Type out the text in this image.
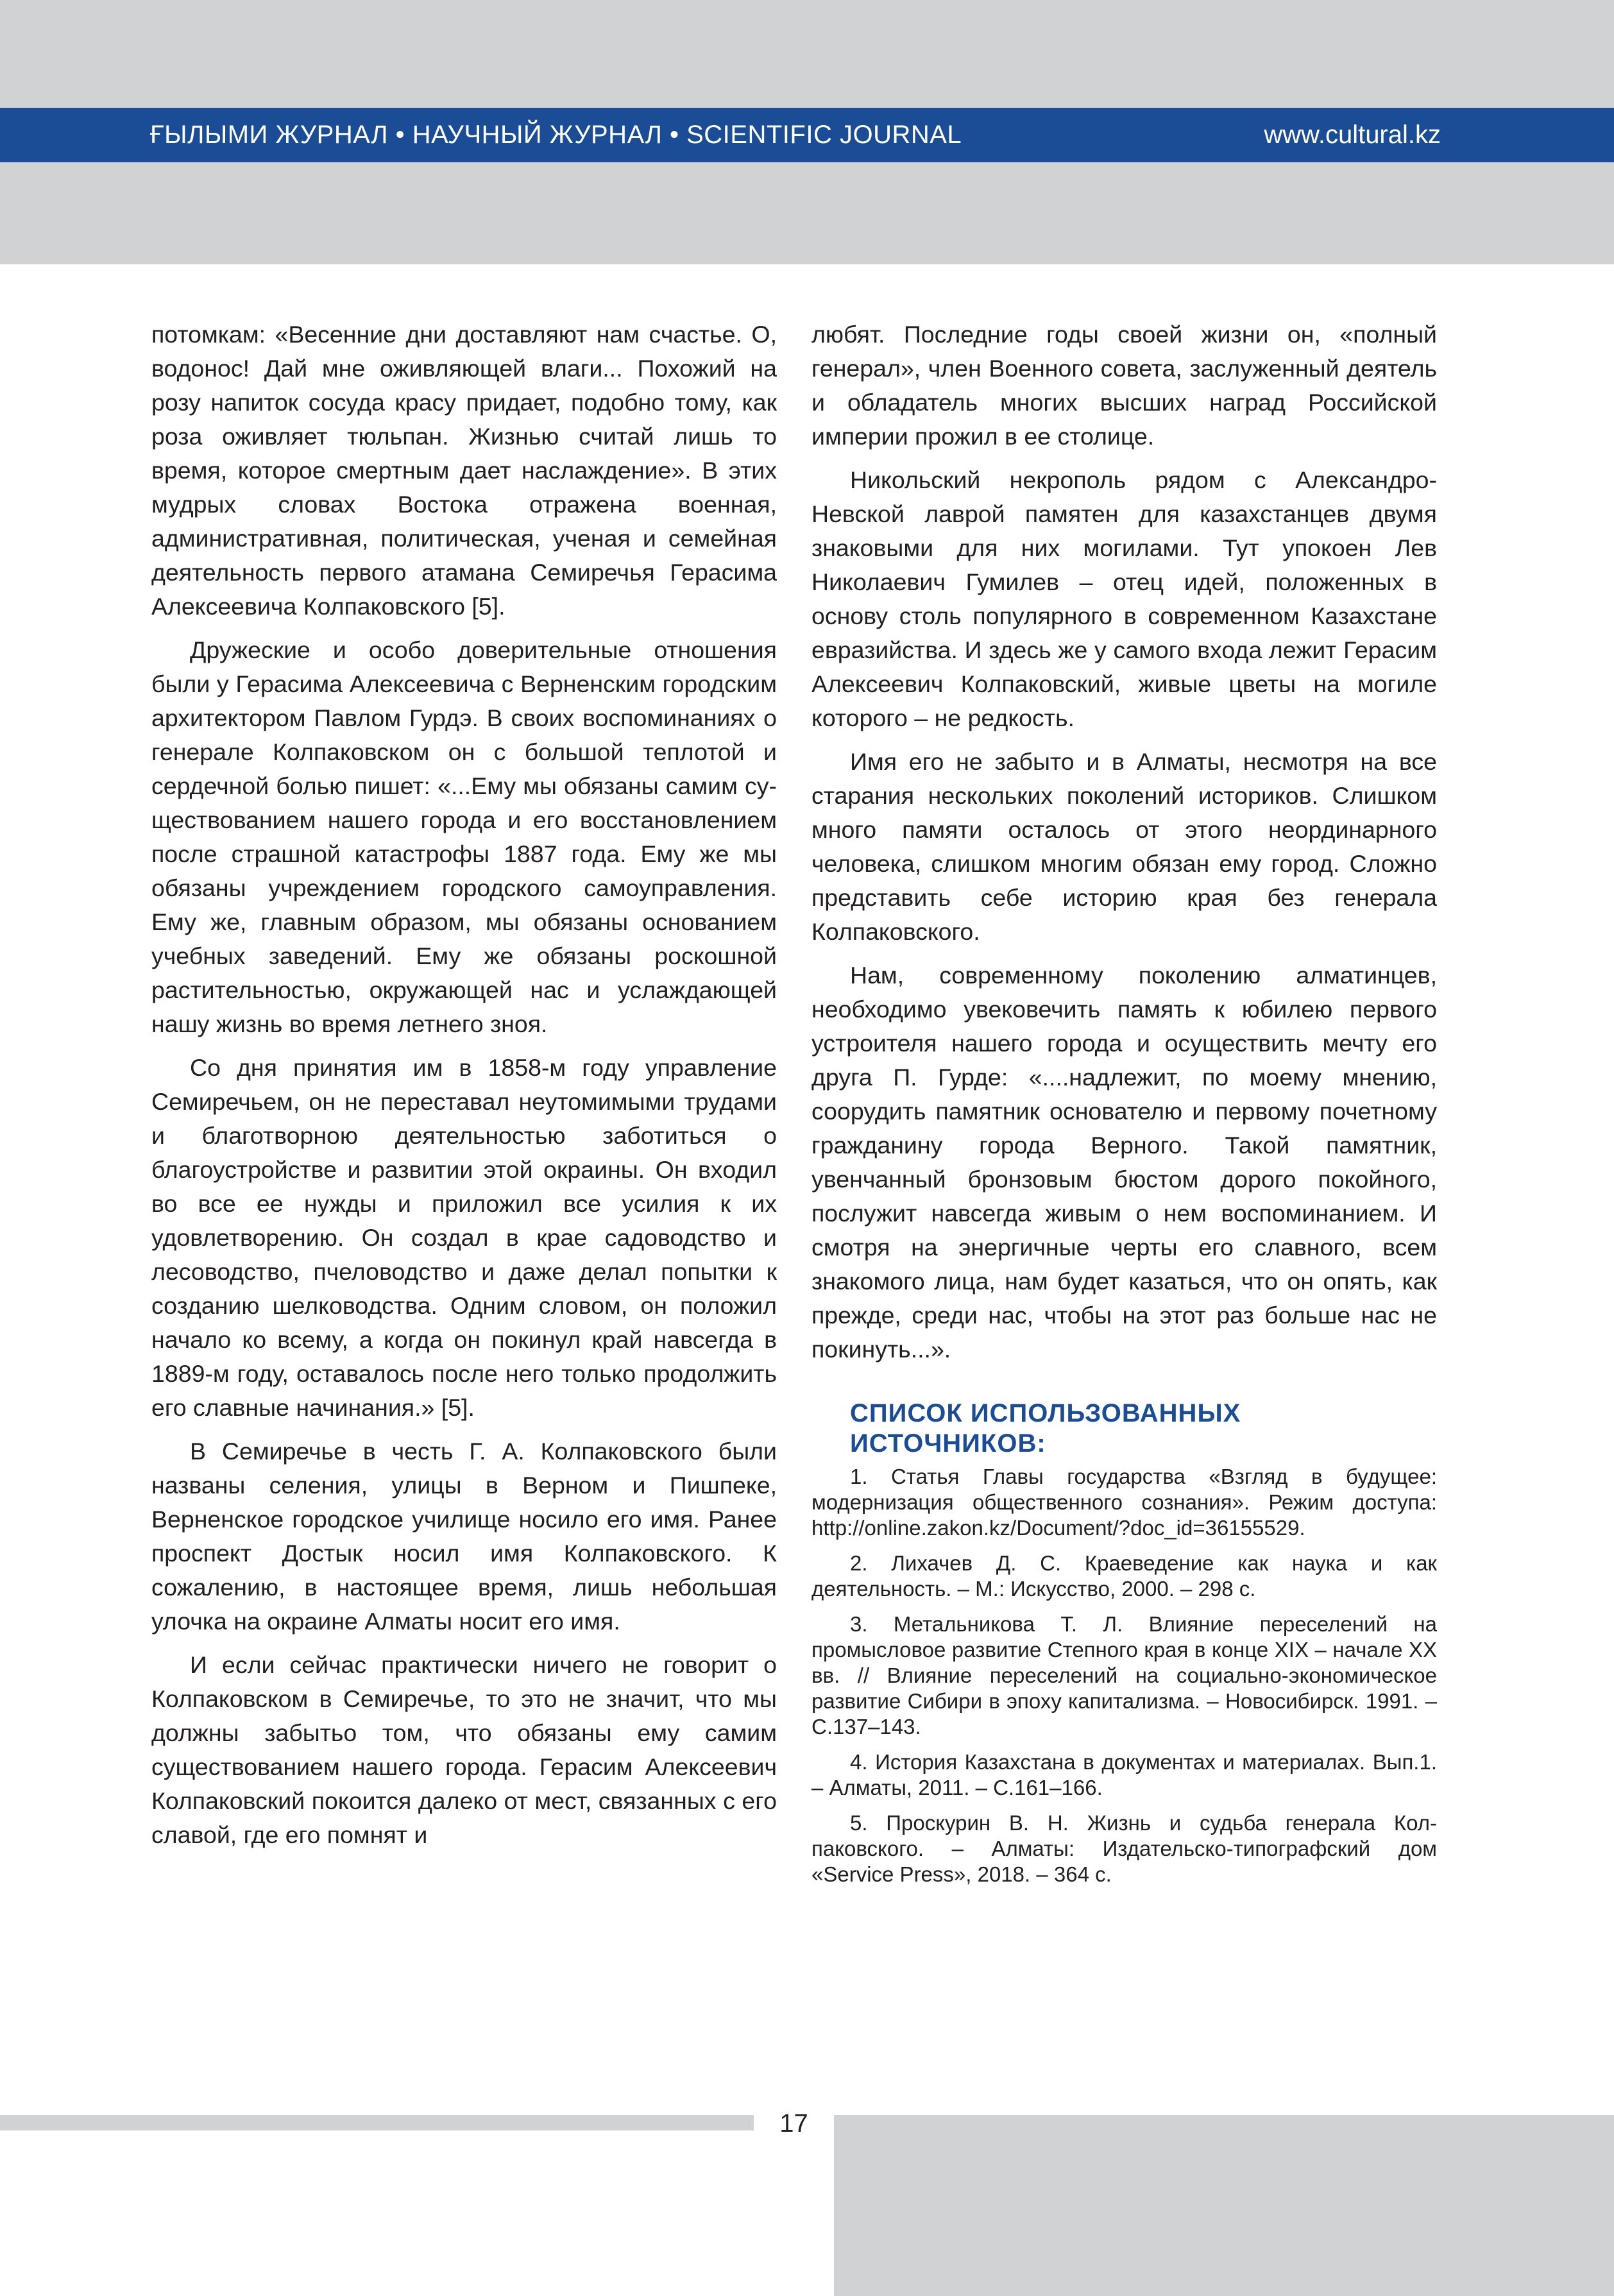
ҒЫЛЫМИ ЖУРНАЛ • НАУЧНЫЙ ЖУРНАЛ • SCIENTIFIC JOURNAL	www.cultural.kz

потомкам: «Весенние дни доставляют нам счастье. О, водонос! Дай мне оживляющей влаги... Похожий на розу напиток сосуда красу придает, подобно тому, как роза оживляет тюльпан. Жизнью считай лишь то время, которое смертным дает наслаждение». В этих мудрых словах Востока отражена военная, административная, политическая, ученая и семейная деятельность первого атамана Семиречья Герасима Алексеевича Колпаковского [5].

Дружеские и особо доверительные отношения были у Герасима Алексеевича с Верненским городским архитектором Павлом Гурдэ. В своих воспоминаниях о генерале Колпаковском он с большой теплотой и сердечной болью пишет: «...Ему мы обязаны самим существованием нашего города и его восстановлением после страшной катастрофы 1887 года. Ему же мы обязаны учреждением городского самоуправления. Ему же, главным образом, мы обязаны основанием учебных заведений. Ему же обязаны роскошной растительностью, окружающей нас и услаждающей нашу жизнь во время летнего зноя.

Со дня принятия им в 1858-м году управление Семиречьем, он не переставал неутомимыми трудами и благотворною деятельностью заботиться о благоустройстве и развитии этой окраины. Он входил во все ее нужды и приложил все усилия к их удовлетворению. Он создал в крае садоводство и лесоводство, пчеловодство и даже делал попытки к созданию шелководства. Одним словом, он положил начало ко всему, а когда он покинул край навсегда в 1889-м году, оставалось после него только продолжить его славные начинания.» [5].

В Семиречье в честь Г. А. Колпаковского были названы селения, улицы в Верном и Пишпеке, Верненское городское училище носило его имя. Ранее проспект Достык носил имя Колпаковского. К сожалению, в настоящее время, лишь небольшая улочка на окраине Алматы носит его имя.

И если сейчас практически ничего не говорит о Колпаковском в Семиречье, то это не значит, что мы должны забытьо том, что обязаны ему самим существованием нашего города. Герасим Алексеевич Колпаковский покоится далеко от мест, связанных с его славой, где его помнят и

любят. Последние годы своей жизни он, «полный генерал», член Военного совета, заслуженный деятель и обладатель многих высших наград Российской империи прожил в ее столице.

Никольский некрополь рядом с Александро-Невской лаврой памятен для казахстанцев двумя знаковыми для них могилами. Тут упокоен Лев Николаевич Гумилев – отец идей, положенных в основу столь популярного в современном Казахстане евразийства. И здесь же у самого входа лежит Герасим Алексеевич Колпаковский, живые цветы на могиле которого – не редкость.

Имя его не забыто и в Алматы, несмотря на все старания нескольких поколений историков. Слишком много памяти осталось от этого неординарного человека, слишком многим обязан ему город. Сложно представить себе историю края без генерала Колпаковского.

Нам, современному поколению алматинцев, необходимо увековечить память к юбилею первого устроителя нашего города и осуществить мечту его друга П. Гурде: «....надлежит, по моему мнению, соорудить памятник основателю и первому почетному гражданину города Верного. Такой памятник, увенчанный бронзовым бюстом дорого покойного, послужит навсегда живым о нем воспоминанием. И смотря на энергичные черты его славного, всем знакомого лица, нам будет казаться, что он опять, как прежде, среди нас, чтобы на этот раз больше нас не покинуть...».

СПИСОК ИСПОЛЬЗОВАННЫХ
ИСТОЧНИКОВ:

1. Статья Главы государства «Взгляд в будущее: модернизация общественного сознания». Режим доступа: http://online.zakon.kz/Document/?doc_id=36155529.

2. Лихачев Д. С. Краеведение как наука и как деятельность. – М.: Искусство, 2000. – 298 с.

3. Метальникова Т. Л. Влияние переселений на промысловое развитие Степного края в конце XIX – начале XX вв. // Влияние переселений на социально-экономическое развитие Сибири в эпоху капитализма. – Новосибирск. 1991. – С.137–143.

4. История Казахстана в документах и материалах. Вып.1. – Алматы, 2011. – С.161–166.

5. Проскурин В. Н. Жизнь и судьба генерала Колпаковского. – Алматы: Издательско-типографский дом «Service Press», 2018. – 364 с.

17
